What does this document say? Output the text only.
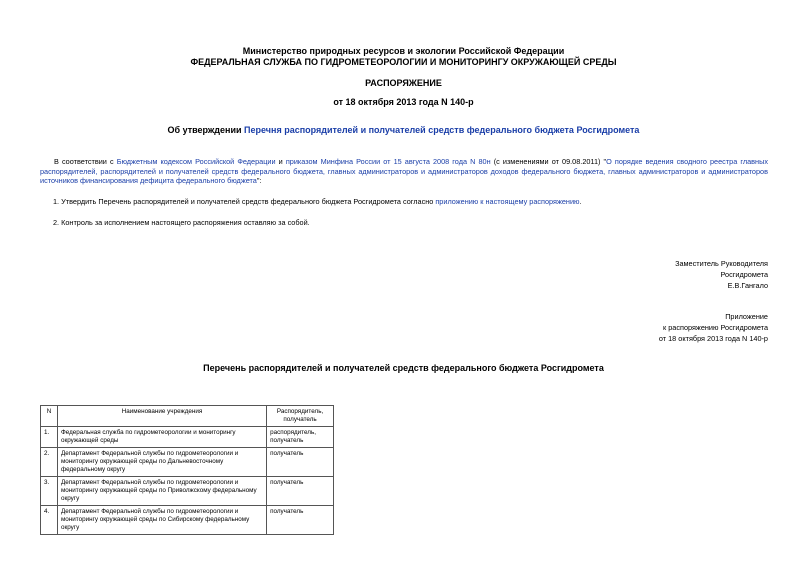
Министерство природных ресурсов и экологии Российской Федерации
ФЕДЕРАЛЬНАЯ СЛУЖБА ПО ГИДРОМЕТЕОРОЛОГИИ И МОНИТОРИНГУ ОКРУЖАЮЩЕЙ СРЕДЫ
РАСПОРЯЖЕНИЕ
от 18 октября 2013 года N 140-р
Об утверждении Перечня распорядителей и получателей средств федерального бюджета Росгидромета
В соответствии с Бюджетным кодексом Российской Федерации и приказом Минфина России от 15 августа 2008 года N 80н (с изменениями от 09.08.2011) "О порядке ведения сводного реестра главных распорядителей, распорядителей и получателей средств федерального бюджета, главных администраторов и администраторов доходов федерального бюджета, главных администраторов и администраторов источников финансирования дефицита федерального бюджета":
1. Утвердить Перечень распорядителей и получателей средств федерального бюджета Росгидромета согласно приложению к настоящему распоряжению.
2. Контроль за исполнением настоящего распоряжения оставляю за собой.
Заместитель Руководителя
Росгидромета
Е.В.Гангало
Приложение
к распоряжению Росгидромета
от 18 октября 2013 года N 140-р
Перечень распорядителей и получателей средств федерального бюджета Росгидромета
N	Наименование учреждения	Распорядитель, получатель
1.	Федеральная служба по гидрометеорологии и мониторингу окружающей среды	распорядитель, получатель
2.	Департамент Федеральной службы по гидрометеорологии и мониторингу окружающей среды по Дальневосточному федеральному округу	получатель
3.	Департамент Федеральной службы по гидрометеорологии и мониторингу окружающей среды по Приволжскому федеральному округу	получатель
4.	Департамент Федеральной службы по гидрометеорологии и мониторингу окружающей среды по Сибирскому федеральному округу	получатель
